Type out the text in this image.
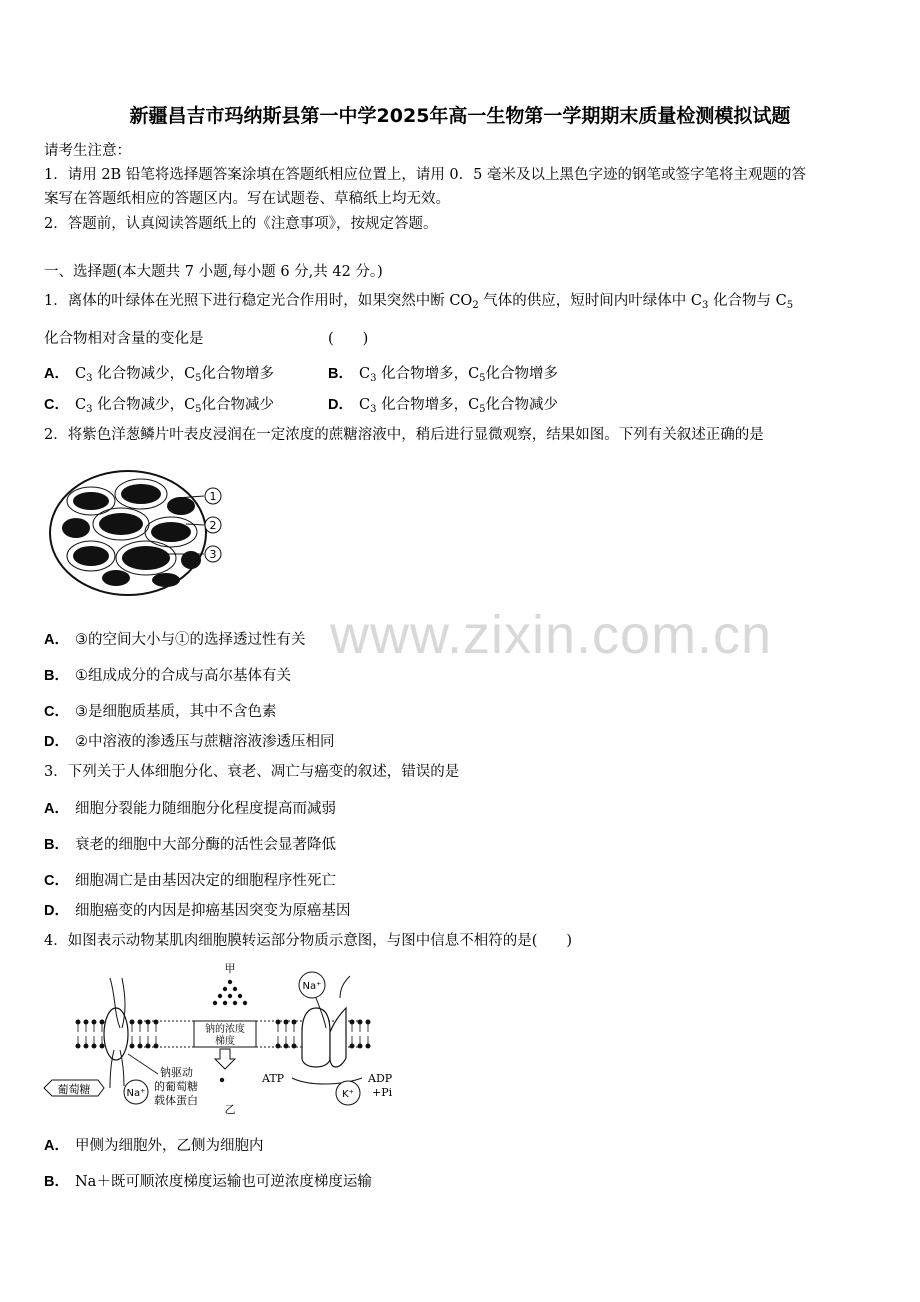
新疆昌吉市玛纳斯县第一中学2025年高一生物第一学期期末质量检测模拟试题
请考生注意：
1．请用 2B 铅笔将选择题答案涂填在答题纸相应位置上，请用 0．5 毫米及以上黑色字迹的钢笔或签字笔将主观题的答
案写在答题纸相应的答题区内。写在试题卷、草稿纸上均无效。
2．答题前，认真阅读答题纸上的《注意事项》，按规定答题。
一、选择题(本大题共 7 小题,每小题 6 分,共 42 分。)
1．离体的叶绿体在光照下进行稳定光合作用时，如果突然中断 $CO_2$ 气体的供应，短时间内叶绿体中 $C_3$ 化合物与 $C_5$
化合物相对含量的变化是	(　　)
A． $C_3$ 化合物减少，$C_5$化合物增多	B． $C_3$ 化合物增多，$C_5$化合物增多
C． $C_3$ 化合物减少，$C_5$化合物减少	D． $C_3$ 化合物增多，$C_5$化合物减少
2．将紫色洋葱鳞片叶表皮浸润在一定浓度的蔗糖溶液中，稍后进行显微观察，结果如图。下列有关叙述正确的是
1
2
3
www.zixin.com.cn
A． ③的空间大小与①的选择透过性有关
B． ①组成成分的合成与高尔基体有关
C． ③是细胞质基质，其中不含色素
D． ②中溶液的渗透压与蔗糖溶液渗透压相同
3．下列关于人体细胞分化、衰老、凋亡与癌变的叙述，错误的是
A． 细胞分裂能力随细胞分化程度提高而减弱
B． 衰老的细胞中大部分酶的活性会显著降低
C． 细胞凋亡是由基因决定的细胞程序性死亡
D． 细胞癌变的内因是抑癌基因突变为原癌基因
4．如图表示动物某肌肉细胞膜转运部分物质示意图，与图中信息不相符的是(　　)
葡萄糖	Na⁺
钠驱动
的葡萄糖
载体蛋白
甲
钠的浓度
梯度
乙
Na⁺
ATP	ADP
+Pi
K⁺
A． 甲侧为细胞外，乙侧为细胞内
B． Na＋既可顺浓度梯度运输也可逆浓度梯度运输
